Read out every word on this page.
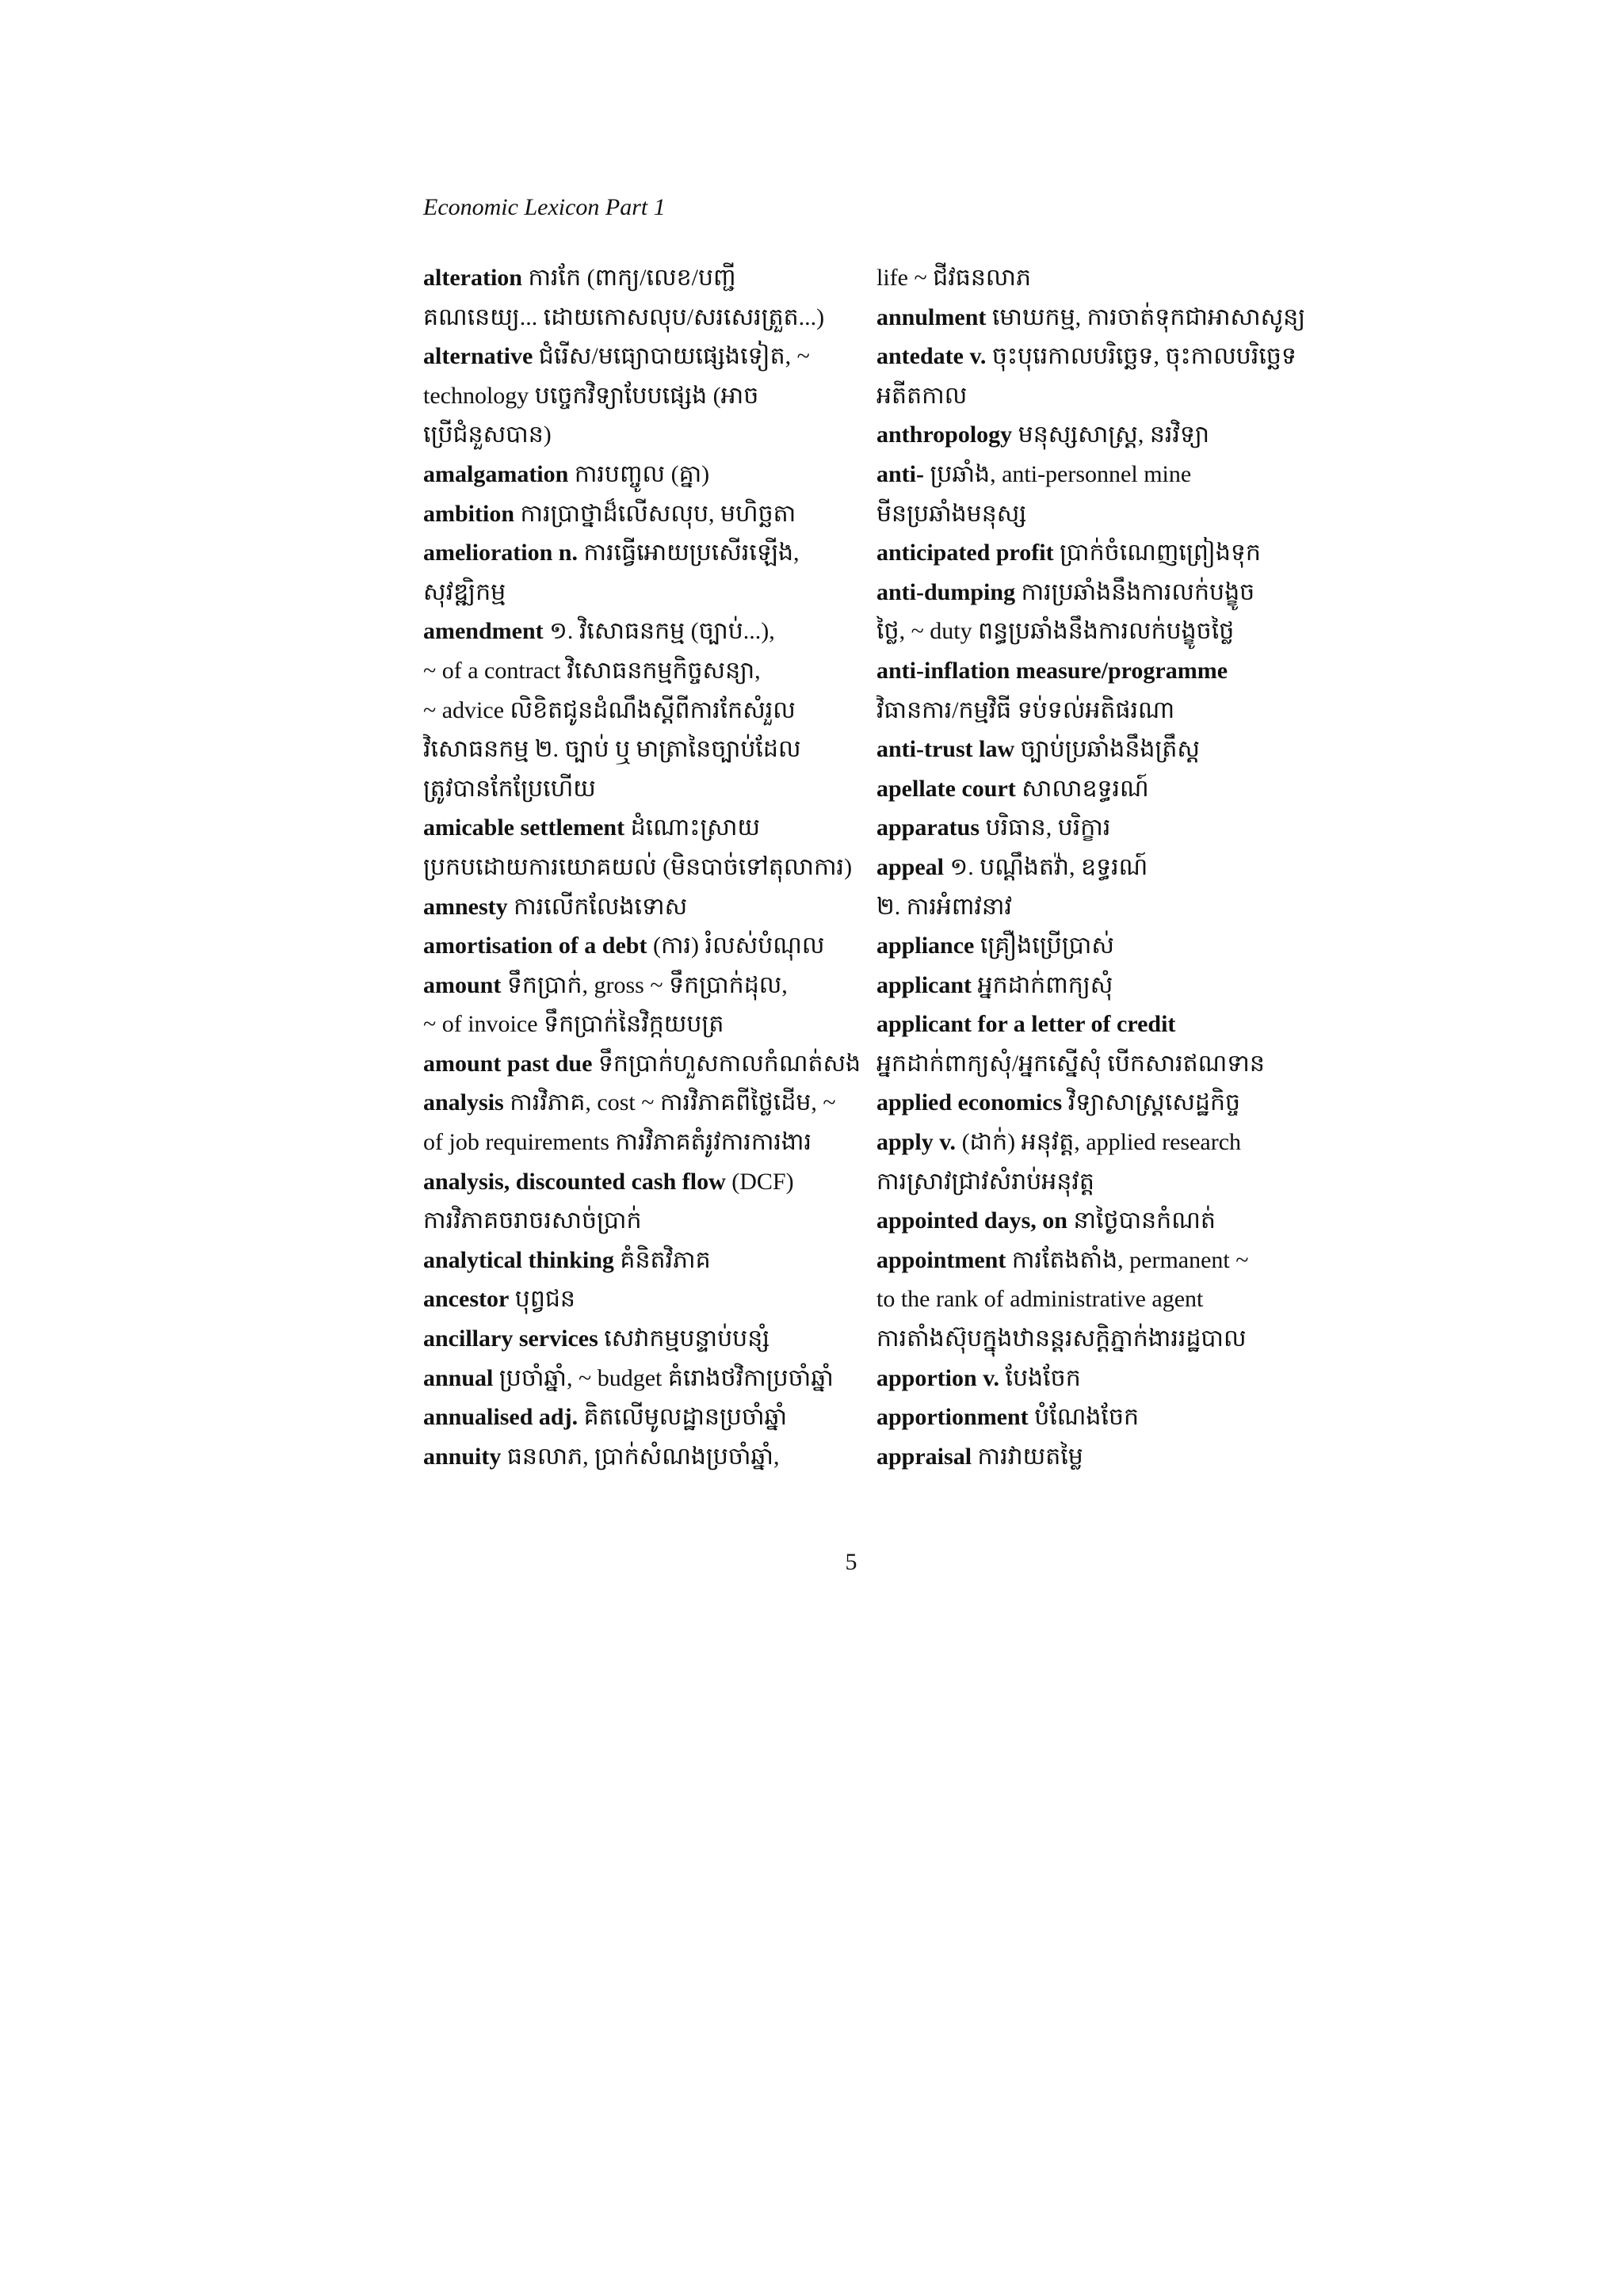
Economic Lexicon Part 1
alteration ការកែ (ពាក្យ/លេខ/បញ្ជី
គណនេយ្យ... ដោយកោសលុប/សរសេរត្រួត...)
alternative ជំរើស/មធ្យោបាយផ្សេងទៀត, ~
technology បច្ចេកវិទ្យាបែបផ្សេង (អាច
ប្រើជំនួសបាន)
amalgamation ការបញ្ចូល (គ្នា)
ambition ការប្រាថ្នាដ៏លើសលុប, មហិច្ឆតា
amelioration n. ការធ្វើអោយប្រសើរឡើង,
សុវឌ្ឍិកម្ម
amendment ១. វិសោធនកម្ម (ច្បាប់...),
~ of a contract វិសោធនកម្មកិច្ចសន្យា,
~ advice លិខិតជូនដំណឹងស្តីពីការកែសំរួល
វិសោធនកម្ម ២. ច្បាប់ ឬ មាត្រានៃច្បាប់ដែល
ត្រូវបានកែប្រែហើយ
amicable settlement ដំណោះស្រាយ
ប្រកបដោយការយោគយល់ (មិនបាច់ទៅតុលាការ)
amnesty ការលើកលែងទោស
amortisation of a debt (ការ) រំលស់បំណុល
amount ទឹកប្រាក់, gross ~ ទឹកប្រាក់ដុល,
~ of invoice ទឹកប្រាក់នៃវិក្កយបត្រ
amount past due ទឹកប្រាក់ហួសកាលកំណត់សង
analysis ការវិភាគ, cost ~ ការវិភាគពីថ្លៃដើម, ~
of job requirements ការវិភាគតំរូវការការងារ
analysis, discounted cash flow (DCF)
ការវិភាគចរាចរសាច់ប្រាក់
analytical thinking គំនិតវិភាគ
ancestor បុព្វជន
ancillary services សេវាកម្មបន្ទាប់បន្សំ
annual ប្រចាំឆ្នាំ, ~ budget គំរោងថវិកាប្រចាំឆ្នាំ
annualised adj. គិតលើមូលដ្ឋានប្រចាំឆ្នាំ
annuity ធនលាភ, ប្រាក់សំណងប្រចាំឆ្នាំ,
life ~ ជីវធនលាភ
annulment មោឃកម្ម, ការចាត់ទុកជាអាសាសូន្យ
antedate v. ចុះបុរេកាលបរិច្ឆេទ, ចុះកាលបរិច្ឆេទ
អតីតកាល
anthropology មនុស្សសាស្ត្រ, នរវិទ្យា
anti- ប្រឆាំង, anti-personnel mine
មីនប្រឆាំងមនុស្ស
anticipated profit ប្រាក់ចំណេញព្រៀងទុក
anti-dumping ការប្រឆាំងនឹងការលក់បង្ខូច
ថ្លៃ, ~ duty ពន្ធប្រឆាំងនឹងការលក់បង្ខូចថ្លៃ
anti-inflation measure/programme
វិធានការ/កម្មវិធី ទប់ទល់អតិផរណា
anti-trust law ច្បាប់ប្រឆាំងនឹងត្រឹស្ត
apellate court សាលាឧទ្ធរណ៍
apparatus បរិធាន, បរិក្ខារ
appeal ១. បណ្តឹងតវ៉ា, ឧទ្ធរណ៍
២. ការអំពាវនាវ
appliance គ្រឿងប្រើប្រាស់
applicant អ្នកដាក់ពាក្យសុំ
applicant for a letter of credit
អ្នកដាក់ពាក្យសុំ/អ្នកស្នើសុំ បើកសារឥណទាន
applied economics វិទ្យាសាស្ត្រសេដ្ឋកិច្ច
apply v. (ដាក់) អនុវត្ត, applied research
ការស្រាវជ្រាវសំរាប់អនុវត្ត
appointed days, on នាថ្ងៃបានកំណត់
appointment ការតែងតាំង, permanent ~
to the rank of administrative agent
ការតាំងស៊ុបក្នុងឋានន្តរសក្តិភ្នាក់ងាររដ្ឋបាល
apportion v. បែងចែក
apportionment បំណែងចែក
appraisal ការវាយតម្លៃ
5
